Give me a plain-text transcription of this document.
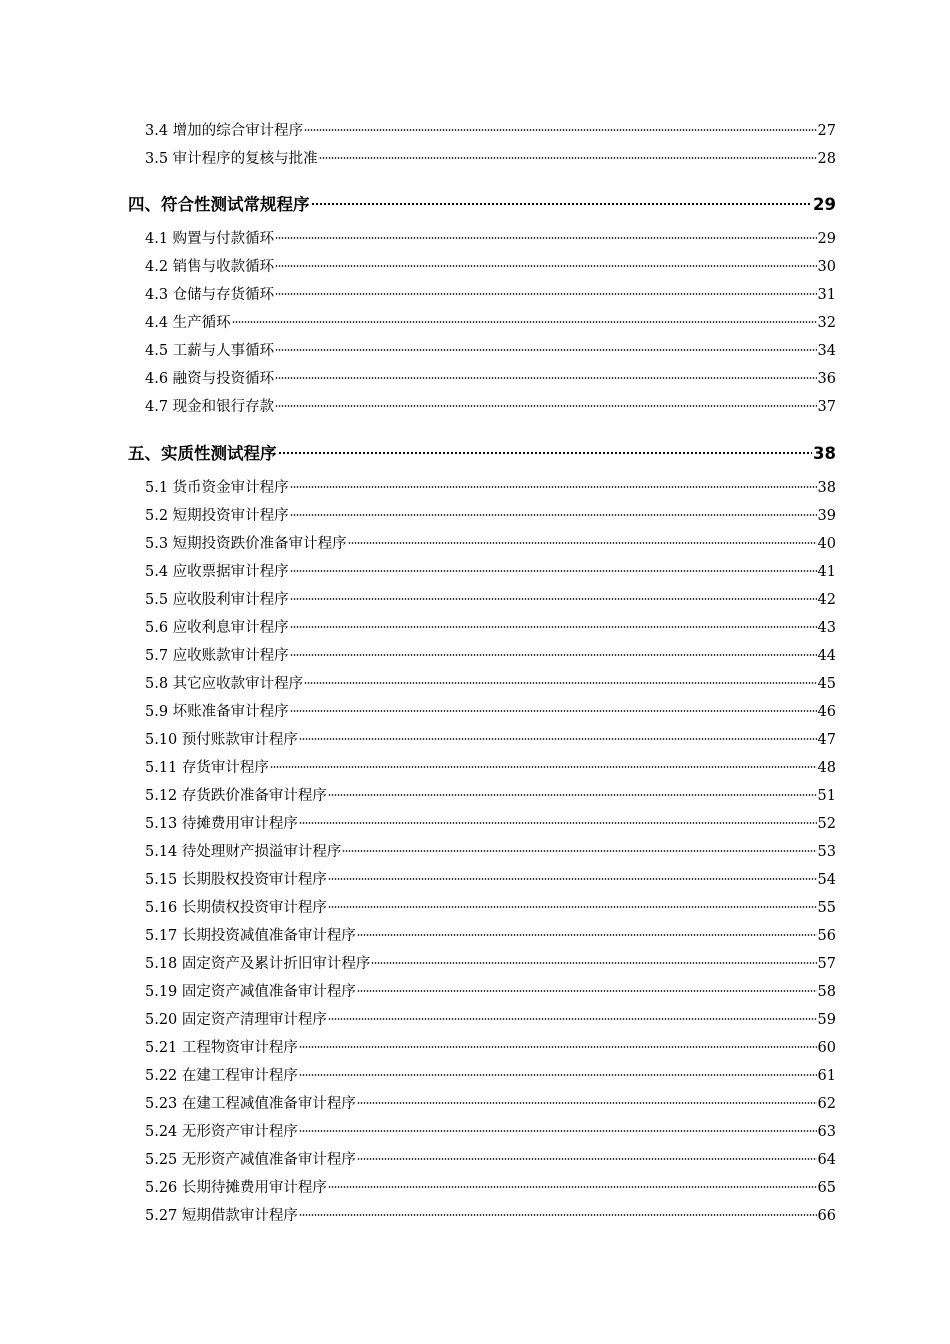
3.4 增加的综合审计程序	27
3.5 审计程序的复核与批准	28
四、符合性测试常规程序	29
4.1 购置与付款循环	29
4.2 销售与收款循环	30
4.3 仓储与存货循环	31
4.4 生产循环	32
4.5 工薪与人事循环	34
4.6 融资与投资循环	36
4.7 现金和银行存款	37
五、实质性测试程序	38
5.1 货币资金审计程序	38
5.2 短期投资审计程序	39
5.3 短期投资跌价准备审计程序	40
5.4 应收票据审计程序	41
5.5 应收股利审计程序	42
5.6 应收利息审计程序	43
5.7 应收账款审计程序	44
5.8 其它应收款审计程序	45
5.9 坏账准备审计程序	46
5.10 预付账款审计程序	47
5.11 存货审计程序	48
5.12 存货跌价准备审计程序	51
5.13 待摊费用审计程序	52
5.14 待处理财产损溢审计程序	53
5.15 长期股权投资审计程序	54
5.16 长期债权投资审计程序	55
5.17 长期投资减值准备审计程序	56
5.18 固定资产及累计折旧审计程序	57
5.19 固定资产减值准备审计程序	58
5.20 固定资产清理审计程序	59
5.21 工程物资审计程序	60
5.22 在建工程审计程序	61
5.23 在建工程减值准备审计程序	62
5.24 无形资产审计程序	63
5.25 无形资产减值准备审计程序	64
5.26 长期待摊费用审计程序	65
5.27 短期借款审计程序	66
